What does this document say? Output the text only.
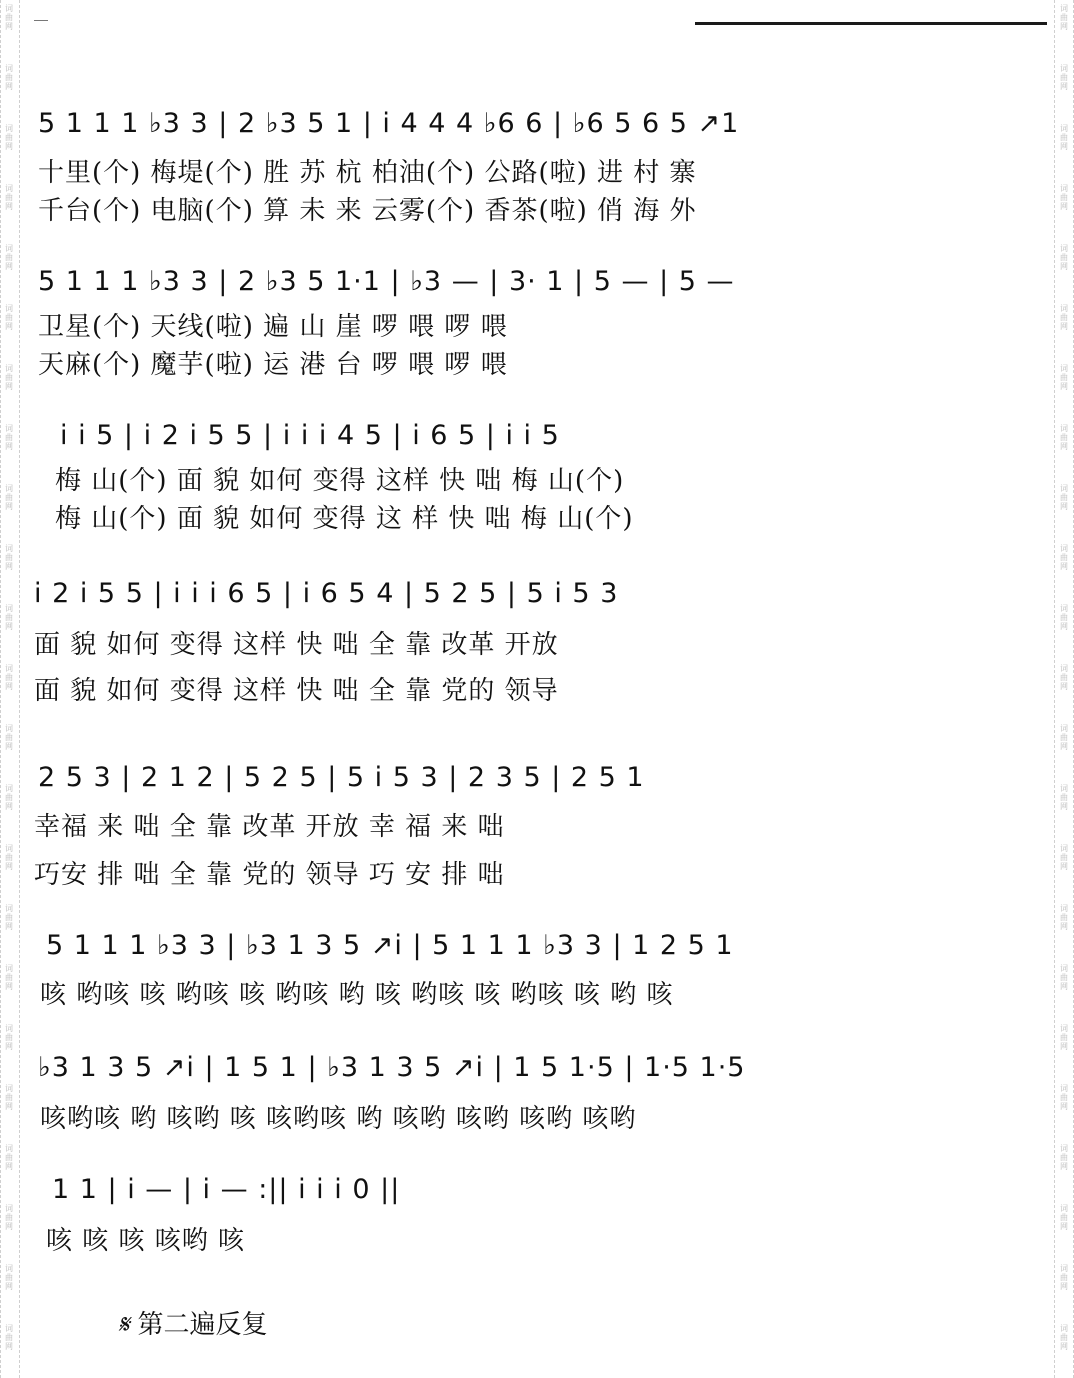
词
曲
网
词
曲
网
词
曲
网
词
曲
网
词
曲
网
词
曲
网
词
曲
网
词
曲
网
词
曲
网
词
曲
网
词
曲
网
词
曲
网
词
曲
网
词
曲
网
词
曲
网
词
曲
网
词
曲
网
词
曲
网
词
曲
网
词
曲
网
词
曲
网
词
曲
网
词
曲
网
词
曲
网
词
曲
网
词
曲
网
词
曲
网
词
曲
网
词
曲
网
词
曲
网
词
曲
网
词
曲
网
词
曲
网
词
曲
网
词
曲
网
词
曲
网
词
曲
网
词
曲
网
词
曲
网
词
曲
网
词
曲
网
词
曲
网
词
曲
网
词
曲
网
词
曲
网
词
曲
网
5 1 1 1 ♭3 3 | 2 ♭3 5 1 | i 4 4 4 ♭6 6 | ♭6 5 6 5 ↗1
十里(个) 梅堤(个) 胜 苏 杭 柏油(个) 公路(啦) 进 村 寨
千台(个) 电脑(个) 算 未 来 云雾(个) 香茶(啦) 俏 海 外
5 1 1 1 ♭3 3 | 2 ♭3 5 1·1 | ♭3 — | 3· 1 | 5 — | 5 —
卫星(个) 天线(啦) 遍 山 崖 啰 喂 啰 喂
天麻(个) 魔芋(啦) 运 港 台 啰 喂 啰 喂
i i 5 | i 2 i 5 5 | i i i 4 5 | i 6 5 | i i 5
梅 山(个) 面 貌 如何 变得 这样 快 咄 梅 山(个)
梅 山(个) 面 貌 如何 变得 这 样 快 咄 梅 山(个)
i 2 i 5 5 | i i i 6 5 | i 6 5 4 | 5 2 5 | 5 i 5 3
面 貌 如何 变得 这样 快 咄 全 靠 改革 开放
面 貌 如何 变得 这样 快 咄 全 靠 党的 领导
2 5 3 | 2 1 2 | 5 2 5 | 5 i 5 3 | 2 3 5 | 2 5 1
幸福 来 咄 全 靠 改革 开放 幸 福 来 咄
巧安 排 咄 全 靠 党的 领导 巧 安 排 咄
5 1 1 1 ♭3 3 | ♭3 1 3 5 ↗i | 5 1 1 1 ♭3 3 | 1 2 5 1
咳 哟咳 咳 哟咳 咳 哟咳 哟 咳 哟咳 咳 哟咳 咳 哟 咳
♭3 1 3 5 ↗i | 1 5 1 | ♭3 1 3 5 ↗i | 1 5 1·5 | 1·5 1·5
咳哟咳 哟 咳哟 咳 咳哟咳 哟 咳哟 咳哟 咳哟 咳哟
1 1 | i — | i — :|| i i i 0 ||
咳 咳 咳 咳哟 咳
𝄋 第二遍反复
